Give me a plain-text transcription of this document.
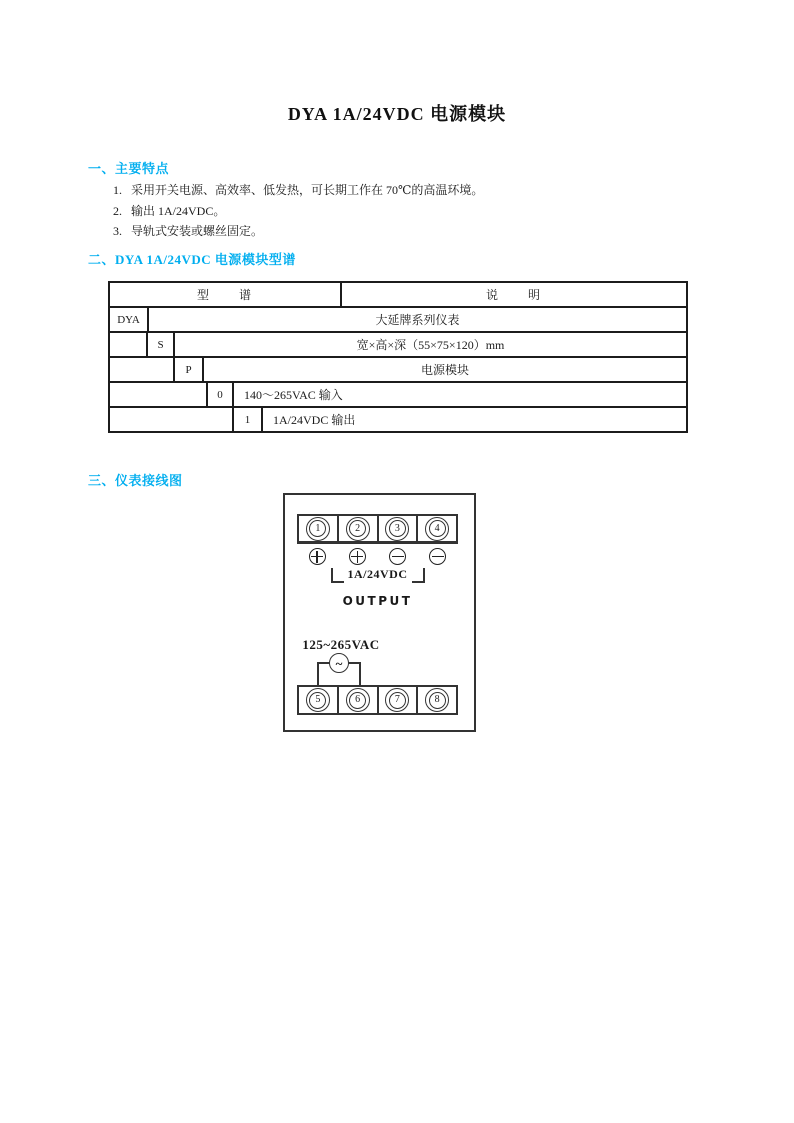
DYA 1A/24VDC 电源模块
一、主要特点
1. 采用开关电源、高效率、低发热，可长期工作在 70℃的高温环境。
2. 输出 1A/24VDC。
3. 导轨式安装或螺丝固定。
二、DYA 1A/24VDC 电源模块型谱
型　　谱	说　　明
DYA	大延牌系列仪表
S	宽×高×深（55×75×120）mm
P	电源模块
0	140～265VAC 输入
1	1A/24VDC 输出
三、仪表接线图
1	2	3	4
1A/24VDC
OUTPUT
125~265VAC
~
5	6	7	8
